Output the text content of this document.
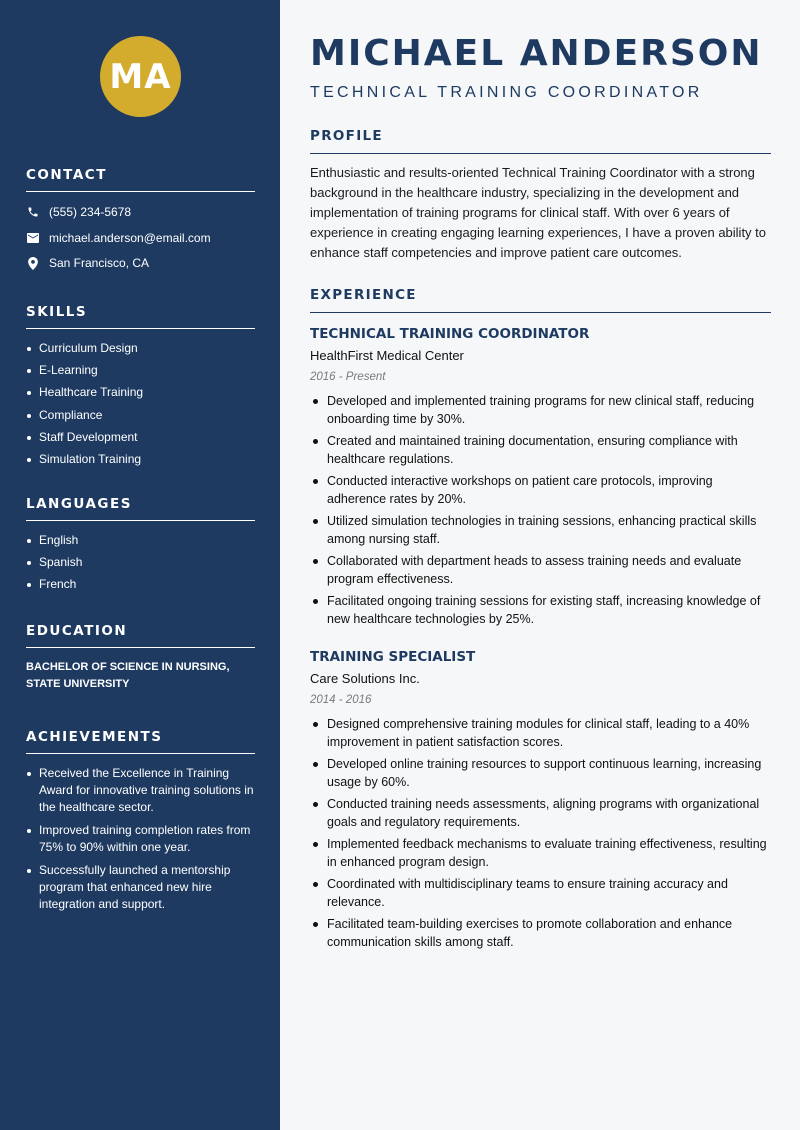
MA
CONTACT
(555) 234-5678
michael.anderson@email.com
San Francisco, CA
SKILLS
Curriculum Design
E-Learning
Healthcare Training
Compliance
Staff Development
Simulation Training
LANGUAGES
English
Spanish
French
EDUCATION
BACHELOR OF SCIENCE IN NURSING,
STATE UNIVERSITY
ACHIEVEMENTS
Received the Excellence in Training Award for innovative training solutions in the healthcare sector.
Improved training completion rates from 75% to 90% within one year.
Successfully launched a mentorship program that enhanced new hire integration and support.
MICHAEL ANDERSON
TECHNICAL TRAINING COORDINATOR
PROFILE
Enthusiastic and results-oriented Technical Training Coordinator with a strong background in the healthcare industry, specializing in the development and implementation of training programs for clinical staff. With over 6 years of experience in creating engaging learning experiences, I have a proven ability to enhance staff competencies and improve patient care outcomes.
EXPERIENCE
TECHNICAL TRAINING COORDINATOR
HealthFirst Medical Center
2016 - Present
Developed and implemented training programs for new clinical staff, reducing onboarding time by 30%.
Created and maintained training documentation, ensuring compliance with healthcare regulations.
Conducted interactive workshops on patient care protocols, improving adherence rates by 20%.
Utilized simulation technologies in training sessions, enhancing practical skills among nursing staff.
Collaborated with department heads to assess training needs and evaluate program effectiveness.
Facilitated ongoing training sessions for existing staff, increasing knowledge of new healthcare technologies by 25%.
TRAINING SPECIALIST
Care Solutions Inc.
2014 - 2016
Designed comprehensive training modules for clinical staff, leading to a 40% improvement in patient satisfaction scores.
Developed online training resources to support continuous learning, increasing usage by 60%.
Conducted training needs assessments, aligning programs with organizational goals and regulatory requirements.
Implemented feedback mechanisms to evaluate training effectiveness, resulting in enhanced program design.
Coordinated with multidisciplinary teams to ensure training accuracy and relevance.
Facilitated team-building exercises to promote collaboration and enhance communication skills among staff.
